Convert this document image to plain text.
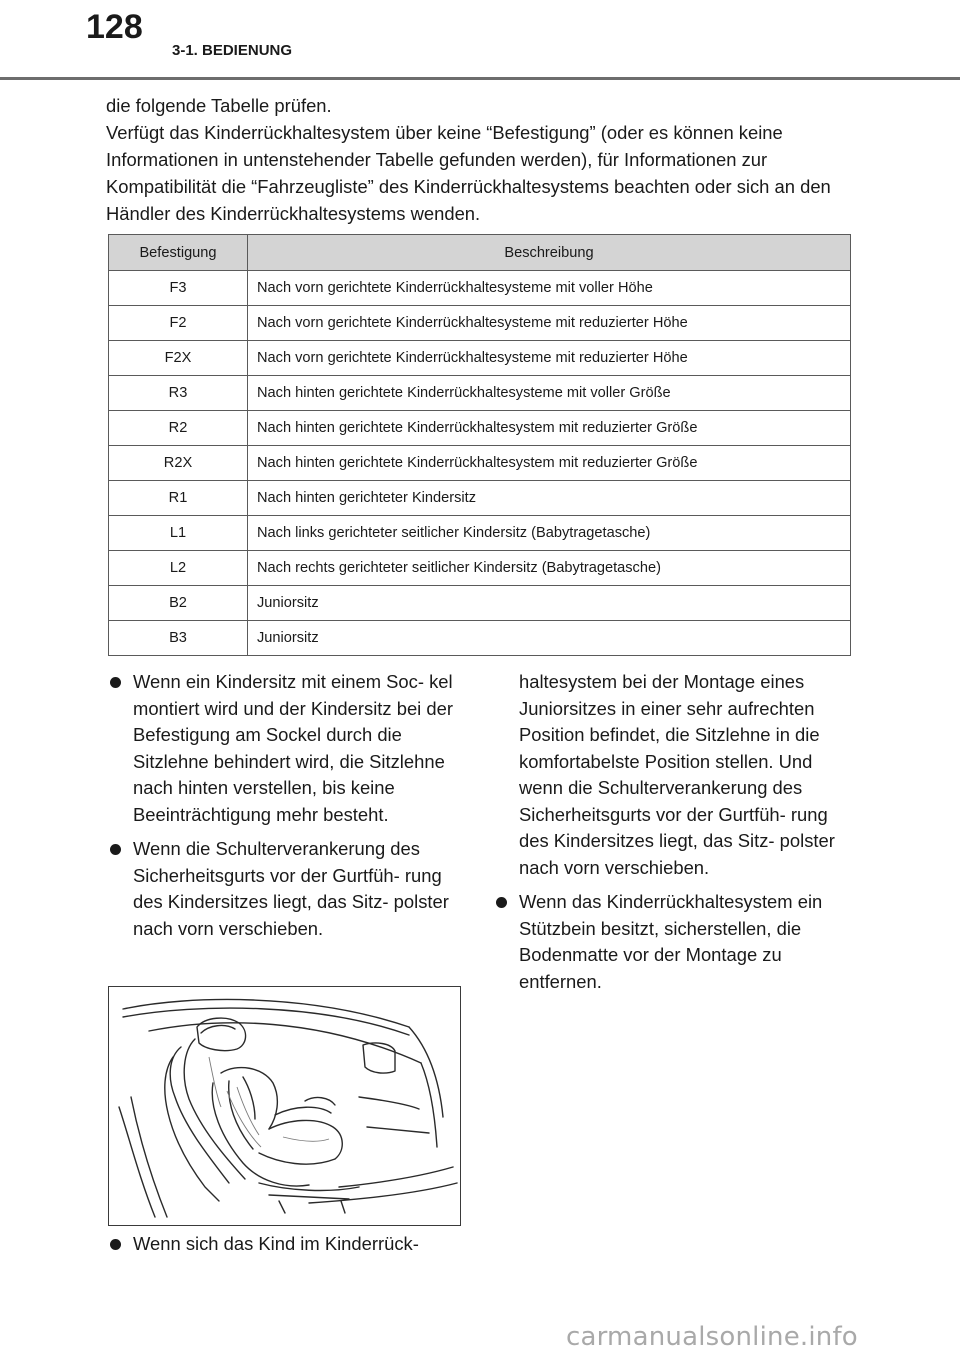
128
3-1. BEDIENUNG

die folgende Tabelle prüfen.

Verfügt das Kinderrückhaltesystem über keine “Befestigung” (oder es können keine Informationen in untenstehender Tabelle gefunden werden), für Informationen zur Kompatibilität die “Fahrzeugliste” des Kinderrückhaltesystems beachten oder sich an den Händler des Kinderrückhaltesystems wenden.

Befestigung	Beschreibung
F3	Nach vorn gerichtete Kinderrückhaltesysteme mit voller Höhe
F2	Nach vorn gerichtete Kinderrückhaltesysteme mit reduzierter Höhe
F2X	Nach vorn gerichtete Kinderrückhaltesysteme mit reduzierter Höhe
R3	Nach hinten gerichtete Kinderrückhaltesysteme mit voller Größe
R2	Nach hinten gerichtete Kinderrückhaltesystem mit reduzierter Größe
R2X	Nach hinten gerichtete Kinderrückhaltesystem mit reduzierter Größe
R1	Nach hinten gerichteter Kindersitz
L1	Nach links gerichteter seitlicher Kindersitz (Babytragetasche)
L2	Nach rechts gerichteter seitlicher Kindersitz (Babytragetasche)
B2	Juniorsitz
B3	Juniorsitz

Wenn ein Kindersitz mit einem Soc- kel montiert wird und der Kindersitz bei der Befestigung am Sockel durch die Sitzlehne behindert wird, die Sitzlehne nach hinten verstellen, bis keine Beeinträchtigung mehr besteht.

Wenn die Schulterverankerung des Sicherheitsgurts vor der Gurtfüh- rung des Kindersitzes liegt, das Sitz- polster nach vorn verschieben.

Wenn sich das Kind im Kinderrück-

haltesystem bei der Montage eines Juniorsitzes in einer sehr aufrechten Position befindet, die Sitzlehne in die komfortabelste Position stellen. Und wenn die Schulterverankerung des Sicherheitsgurts vor der Gurtfüh- rung des Kindersitzes liegt, das Sitz- polster nach vorn verschieben.

Wenn das Kinderrückhaltesystem ein Stützbein besitzt, sicherstellen, die Bodenmatte vor der Montage zu entfernen.

carmanualsonline.info
